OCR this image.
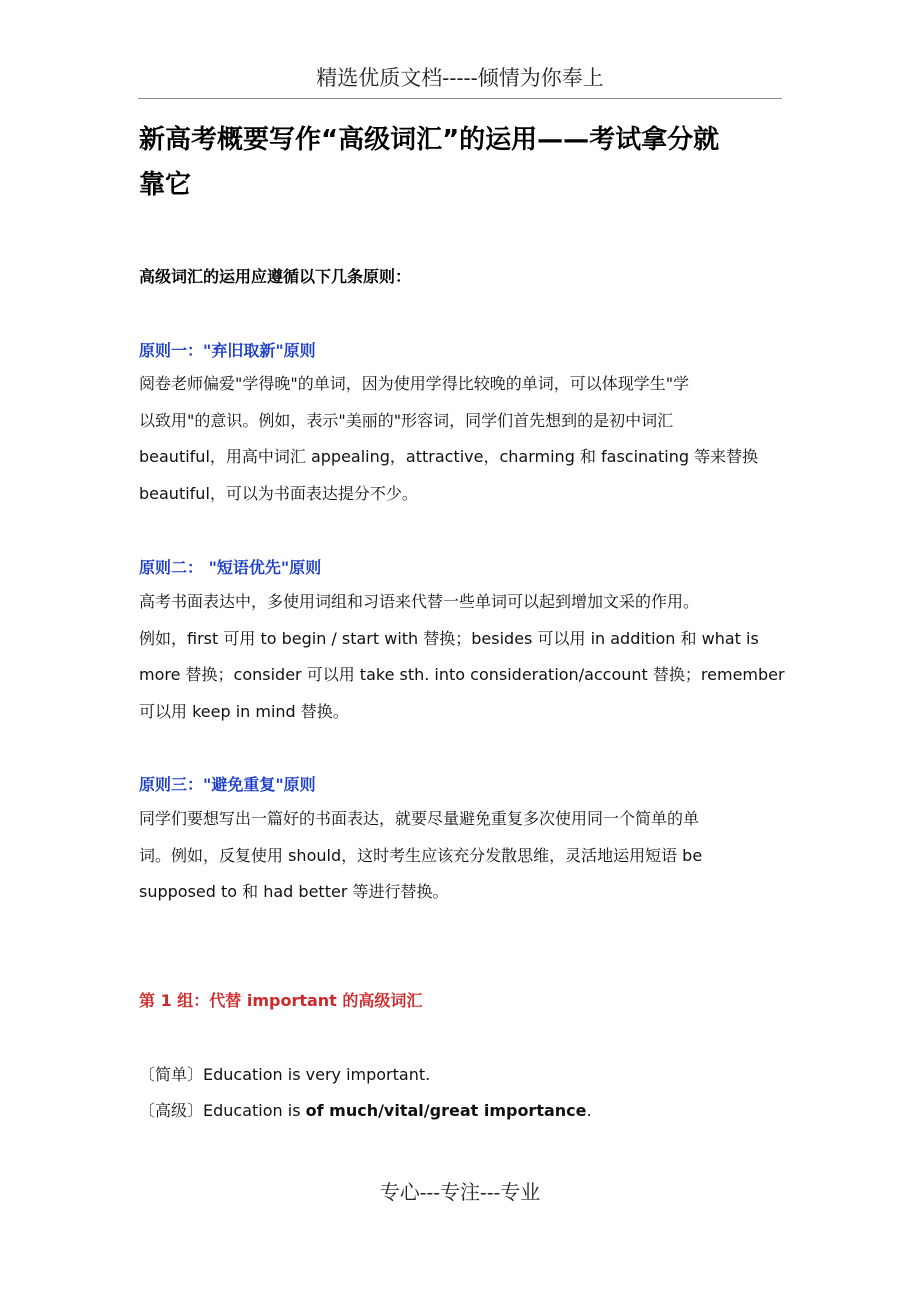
精选优质文档-----倾情为你奉上
新高考概要写作“高级词汇”的运用——考试拿分就
靠它
高级词汇的运用应遵循以下几条原则：
原则一："弃旧取新"原则
阅卷老师偏爱"学得晚"的单词，因为使用学得比较晚的单词，可以体现学生"学
以致用"的意识。例如，表示"美丽的"形容词，同学们首先想到的是初中词汇
beautiful，用高中词汇 appealing，attractive，charming 和 fascinating 等来替换
beautiful，可以为书面表达提分不少。
原则二： "短语优先"原则
高考书面表达中，多使用词组和习语来代替一些单词可以起到增加文采的作用。
例如，first 可用 to begin / start with 替换；besides 可以用 in addition 和 what is
more 替换；consider 可以用 take sth. into consideration/account 替换；remember
可以用 keep in mind 替换。
原则三："避免重复"原则
同学们要想写出一篇好的书面表达，就要尽量避免重复多次使用同一个简单的单
词。例如，反复使用 should，这时考生应该充分发散思维，灵活地运用短语 be
supposed to 和 had better 等进行替换。
第 1 组：代替 important 的高级词汇
〔简单〕Education is very important.
〔高级〕Education is of much/vital/great importance.
专心---专注---专业
